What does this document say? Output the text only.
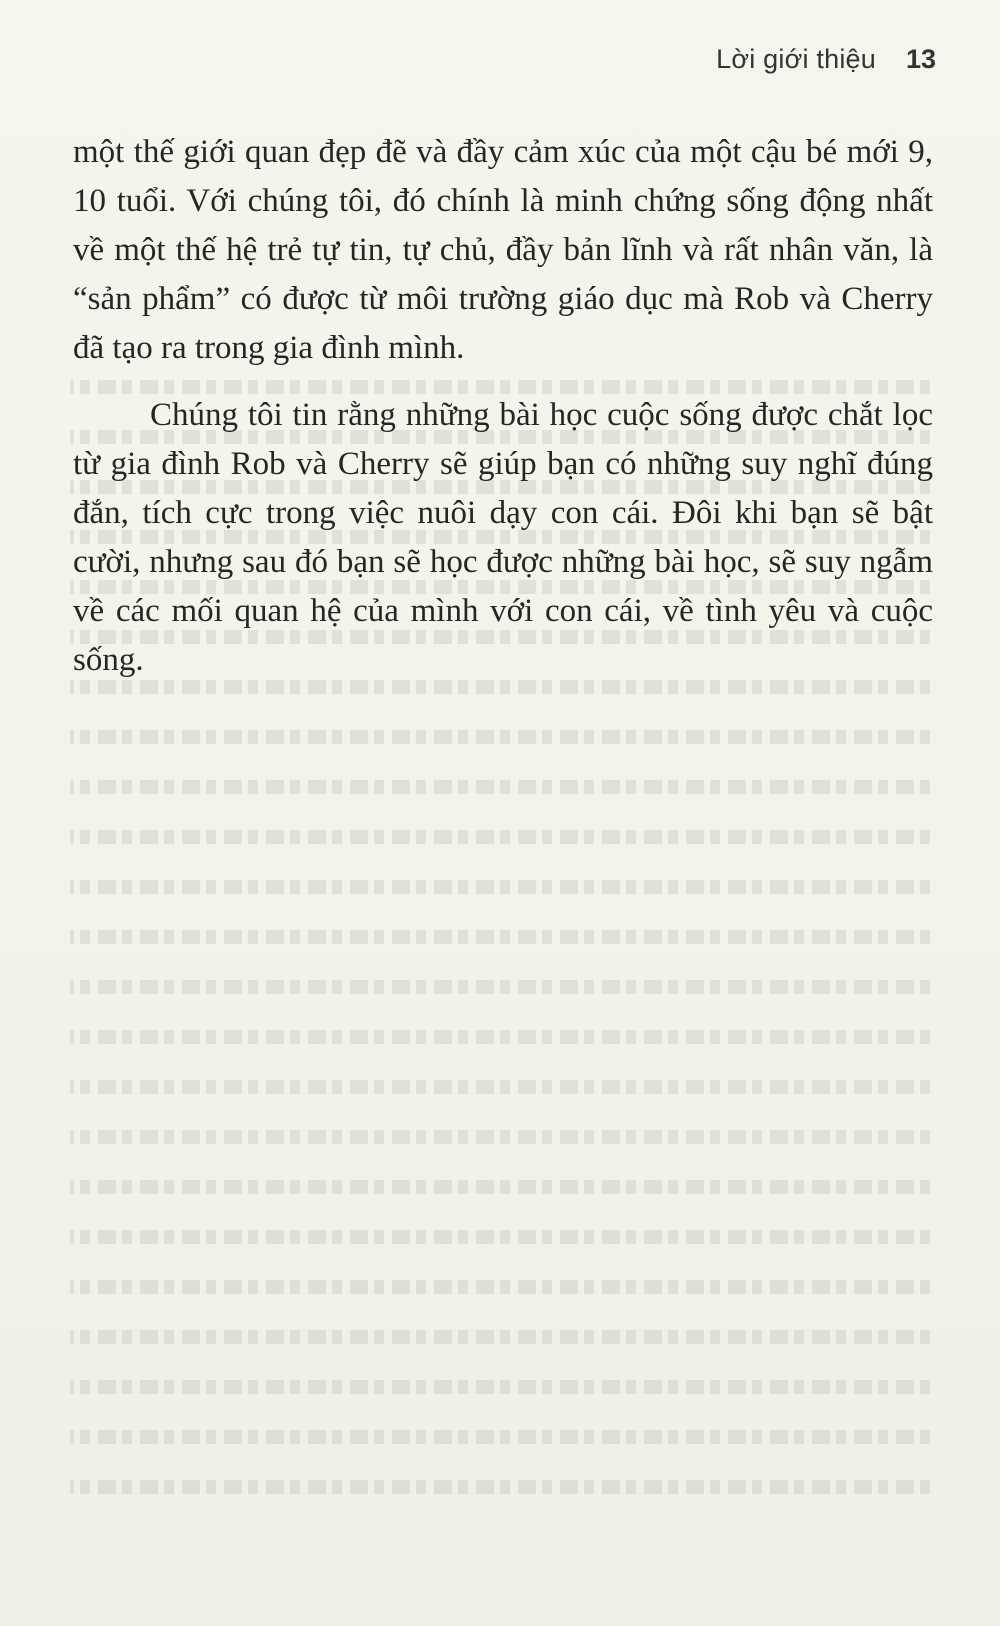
Lời giới thiệu 13

một thế giới quan đẹp đẽ và đầy cảm xúc của một cậu bé mới 9, 10 tuổi. Với chúng tôi, đó chính là minh chứng sống động nhất về một thế hệ trẻ tự tin, tự chủ, đầy bản lĩnh và rất nhân văn, là “sản phẩm” có được từ môi trường giáo dục mà Rob và Cherry đã tạo ra trong gia đình mình.

Chúng tôi tin rằng những bài học cuộc sống được chắt lọc từ gia đình Rob và Cherry sẽ giúp bạn có những suy nghĩ đúng đắn, tích cực trong việc nuôi dạy con cái. Đôi khi bạn sẽ bật cười, nhưng sau đó bạn sẽ học được những bài học, sẽ suy ngẫm về các mối quan hệ của mình với con cái, về tình yêu và cuộc sống.
